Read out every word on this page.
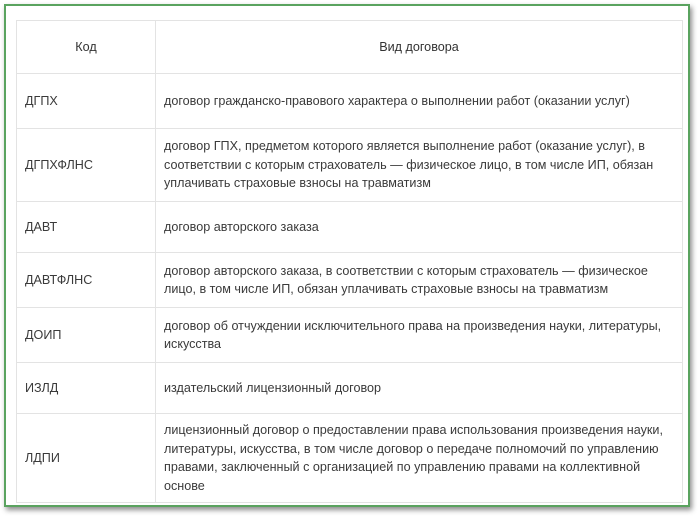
Код	Вид договора
ДГПХ	договор гражданско-правового характера о выполнении работ (оказании услуг)
ДГПХФЛНС	договор ГПХ, предметом которого является выполнение работ (оказание услуг), в соответствии с которым страхователь — физическое лицо, в том числе ИП, обязан уплачивать страховые взносы на травматизм
ДАВТ	договор авторского заказа
ДАВТФЛНС	договор авторского заказа, в соответствии с которым страхователь — физическое лицо, в том числе ИП, обязан уплачивать страховые взносы на травматизм
ДОИП	договор об отчуждении исключительного права на произведения науки, литературы, искусства
ИЗЛД	издательский лицензионный договор
ЛДПИ	лицензионный договор о предоставлении права использования произведения науки, литературы, искусства, в том числе договор о передаче полномочий по управлению правами, заключенный с организацией по управлению правами на коллективной основе
